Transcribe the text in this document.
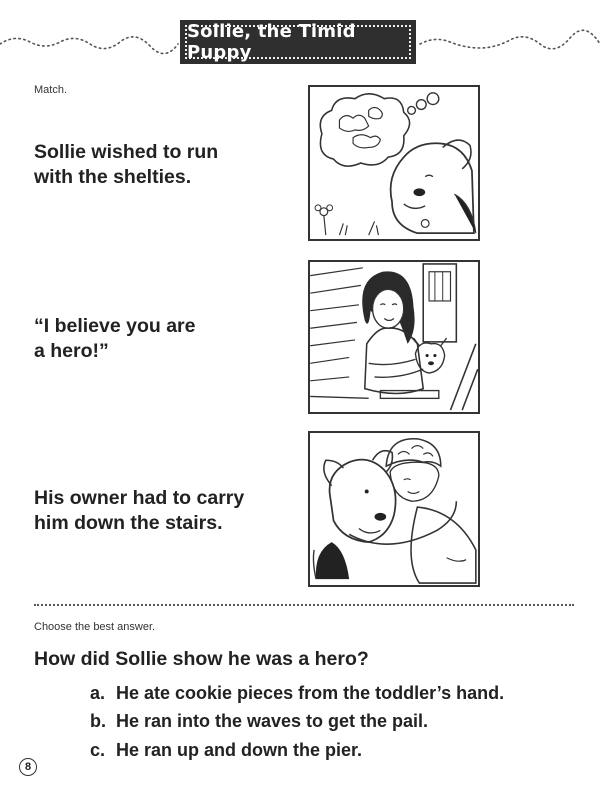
Sollie, the Timid Puppy
Match.
Sollie wished to run
with the shelties.
“I believe you are
a hero!”
His owner had to carry
him down the stairs.
Choose the best answer.
How did Sollie show he was a hero?
a. He ate cookie pieces from the toddler’s hand.
b. He ran into the waves to get the pail.
c. He ran up and down the pier.
8
